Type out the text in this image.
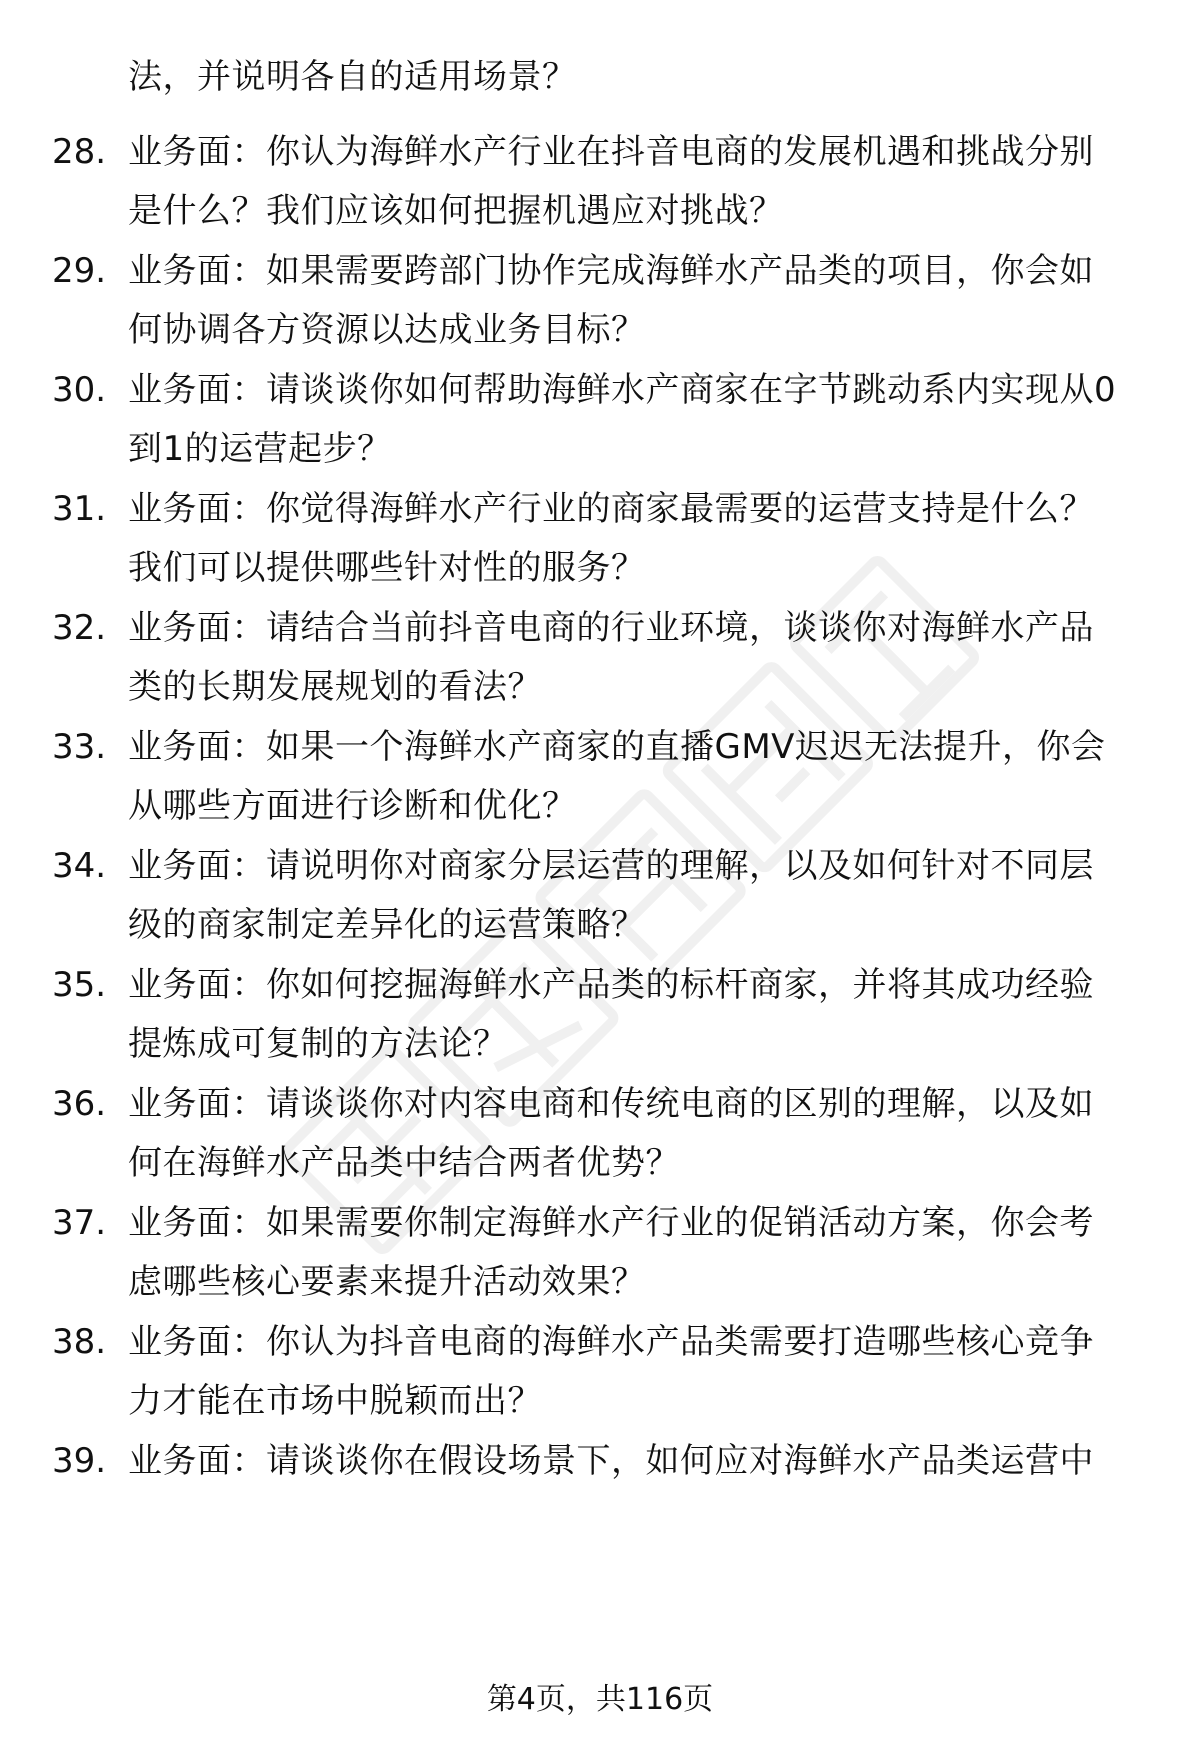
法，并说明各自的适用场景？
28. 业务面：你认为海鲜水产行业在抖音电商的发展机遇和挑战分别
是什么？我们应该如何把握机遇应对挑战？
29. 业务面：如果需要跨部门协作完成海鲜水产品类的项目，你会如
何协调各方资源以达成业务目标？
30. 业务面：请谈谈你如何帮助海鲜水产商家在字节跳动系内实现从0
到1的运营起步？
31. 业务面：你觉得海鲜水产行业的商家最需要的运营支持是什么？
我们可以提供哪些针对性的服务？
32. 业务面：请结合当前抖音电商的行业环境，谈谈你对海鲜水产品
类的长期发展规划的看法？
33. 业务面：如果一个海鲜水产商家的直播GMV迟迟无法提升，你会
从哪些方面进行诊断和优化？
34. 业务面：请说明你对商家分层运营的理解，以及如何针对不同层
级的商家制定差异化的运营策略？
35. 业务面：你如何挖掘海鲜水产品类的标杆商家，并将其成功经验
提炼成可复制的方法论？
36. 业务面：请谈谈你对内容电商和传统电商的区别的理解，以及如
何在海鲜水产品类中结合两者优势？
37. 业务面：如果需要你制定海鲜水产行业的促销活动方案，你会考
虑哪些核心要素来提升活动效果？
38. 业务面：你认为抖音电商的海鲜水产品类需要打造哪些核心竞争
力才能在市场中脱颖而出？
39. 业务面：请谈谈你在假设场景下，如何应对海鲜水产品类运营中
第4页，共116页
